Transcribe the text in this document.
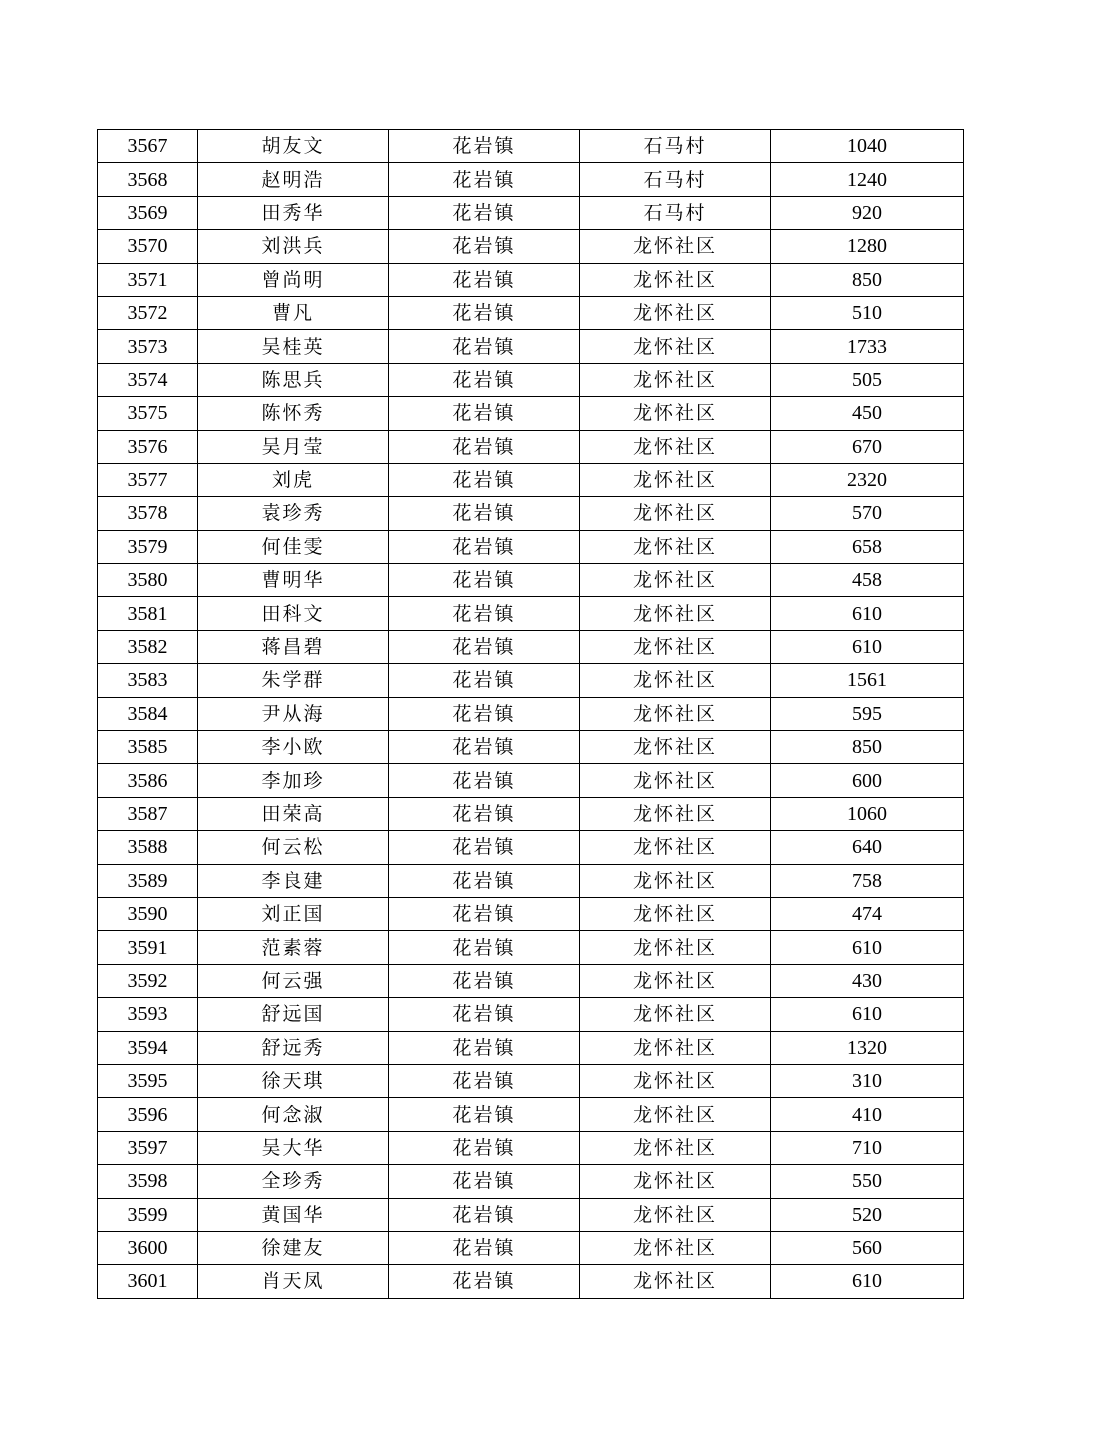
3567	胡友文	花岩镇	石马村	1040
3568	赵明浩	花岩镇	石马村	1240
3569	田秀华	花岩镇	石马村	920
3570	刘洪兵	花岩镇	龙怀社区	1280
3571	曾尚明	花岩镇	龙怀社区	850
3572	曹凡	花岩镇	龙怀社区	510
3573	吴桂英	花岩镇	龙怀社区	1733
3574	陈思兵	花岩镇	龙怀社区	505
3575	陈怀秀	花岩镇	龙怀社区	450
3576	吴月莹	花岩镇	龙怀社区	670
3577	刘虎	花岩镇	龙怀社区	2320
3578	袁珍秀	花岩镇	龙怀社区	570
3579	何佳雯	花岩镇	龙怀社区	658
3580	曹明华	花岩镇	龙怀社区	458
3581	田科文	花岩镇	龙怀社区	610
3582	蒋昌碧	花岩镇	龙怀社区	610
3583	朱学群	花岩镇	龙怀社区	1561
3584	尹从海	花岩镇	龙怀社区	595
3585	李小欧	花岩镇	龙怀社区	850
3586	李加珍	花岩镇	龙怀社区	600
3587	田荣高	花岩镇	龙怀社区	1060
3588	何云松	花岩镇	龙怀社区	640
3589	李良建	花岩镇	龙怀社区	758
3590	刘正国	花岩镇	龙怀社区	474
3591	范素蓉	花岩镇	龙怀社区	610
3592	何云强	花岩镇	龙怀社区	430
3593	舒远国	花岩镇	龙怀社区	610
3594	舒远秀	花岩镇	龙怀社区	1320
3595	徐天琪	花岩镇	龙怀社区	310
3596	何念淑	花岩镇	龙怀社区	410
3597	吴大华	花岩镇	龙怀社区	710
3598	全珍秀	花岩镇	龙怀社区	550
3599	黄国华	花岩镇	龙怀社区	520
3600	徐建友	花岩镇	龙怀社区	560
3601	肖天凤	花岩镇	龙怀社区	610
